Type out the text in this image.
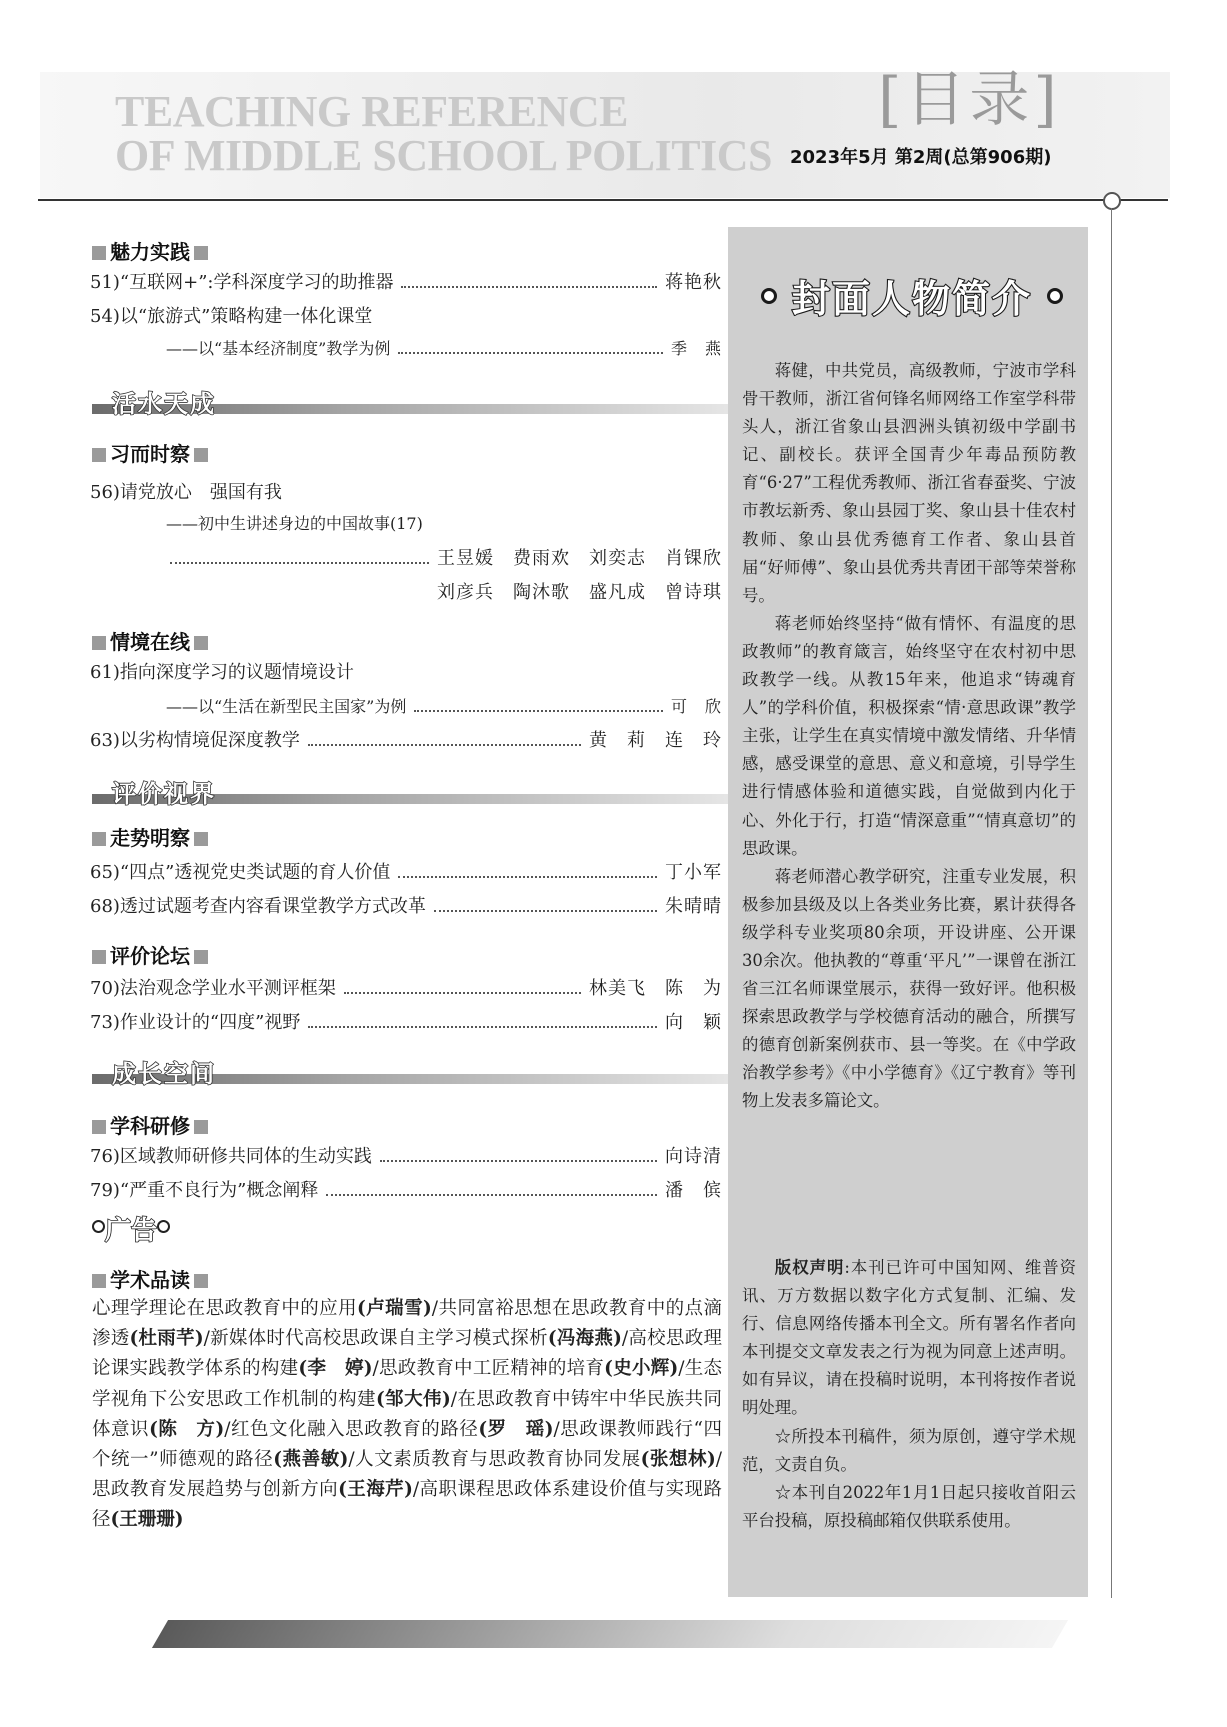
TEACHING REFERENCE
OF MIDDLE SCHOOL POLITICS
[目录]
2023年5月 第2周(总第906期)
魅力实践
51)“互联网+”:学科深度学习的助推器	蒋艳秋
54)以“旅游式”策略构建一体化课堂
——以“基本经济制度”教学为例	季　燕
习而时察
56)请党放心　强国有我
——初中生讲述身边的中国故事(17)
王昱媛　费雨欢　刘奕志　肖锞欣
刘彦兵　陶沐歌　盛凡成　曾诗琪
情境在线
61)指向深度学习的议题情境设计
——以“生活在新型民主国家”为例	可　欣
63)以劣构情境促深度教学	黄　莉　连　玲
走势明察
65)“四点”透视党史类试题的育人价值	丁小军
68)透过试题考查内容看课堂教学方式改革	朱晴晴
评价论坛
70)法治观念学业水平测评框架	林美飞　陈　为
73)作业设计的“四度”视野	向　颖
学科研修
76)区域教师研修共同体的生动实践	向诗清
79)“严重不良行为”概念阐释	潘　傧
学术品读
活水天成
评价视界
成长空间
广告
心理学理论在思政教育中的应用(卢瑞雪)/共同富裕思想在思政教育中的点滴渗透(杜雨芊)/新媒体时代高校思政课自主学习模式探析(冯海燕)/高校思政理论课实践教学体系的构建(李　婷)/思政教育中工匠精神的培育(史小辉)/生态学视角下公安思政工作机制的构建(邹大伟)/在思政教育中铸牢中华民族共同体意识(陈　方)/红色文化融入思政教育的路径(罗　瑶)/思政课教师践行“四个统一”师德观的路径(燕善敏)/人文素质教育与思政教育协同发展(张想林)/思政教育发展趋势与创新方向(王海芹)/高职课程思政体系建设价值与实现路径(王珊珊)
封面人物简介

蒋健，中共党员，高级教师，宁波市学科骨干教师，浙江省何锋名师网络工作室学科带头人，浙江省象山县泗洲头镇初级中学副书记、副校长。获评全国青少年毒品预防教育“6·27”工程优秀教师、浙江省春蚕奖、宁波市教坛新秀、象山县园丁奖、象山县十佳农村教师、象山县优秀德育工作者、象山县首届“好师傅”、象山县优秀共青团干部等荣誉称号。

蒋老师始终坚持“做有情怀、有温度的思政教师”的教育箴言，始终坚守在农村初中思政教学一线。从教15年来，他追求“铸魂育人”的学科价值，积极探索“情·意思政课”教学主张，让学生在真实情境中激发情绪、升华情感，感受课堂的意思、意义和意境，引导学生进行情感体验和道德实践，自觉做到内化于心、外化于行，打造“情深意重”“情真意切”的思政课。

蒋老师潜心教学研究，注重专业发展，积极参加县级及以上各类业务比赛，累计获得各级学科专业奖项80余项，开设讲座、公开课30余次。他执教的“尊重‘平凡’”一课曾在浙江省三江名师课堂展示，获得一致好评。他积极探索思政教学与学校德育活动的融合，所撰写的德育创新案例获市、县一等奖。在《中学政治教学参考》《中小学德育》《辽宁教育》等刊物上发表多篇论文。

版权声明:本刊已许可中国知网、维普资讯、万方数据以数字化方式复制、汇编、发行、信息网络传播本刊全文。所有署名作者向本刊提交文章发表之行为视为同意上述声明。如有异议，请在投稿时说明，本刊将按作者说明处理。

☆所投本刊稿件，须为原创，遵守学术规范，文责自负。

☆本刊自2022年1月1日起只接收首阳云平台投稿，原投稿邮箱仅供联系使用。
